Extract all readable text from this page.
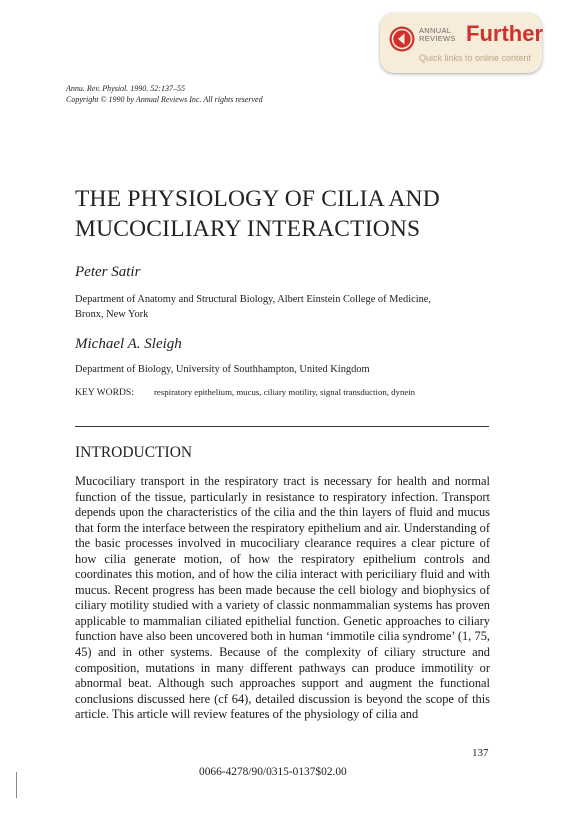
ANNUAL
REVIEWS Further
Quick links to online content
Annu. Rev. Physiol. 1990. 52:137–55
Copyright © 1990 by Annual Reviews Inc. All rights reserved
THE PHYSIOLOGY OF CILIA AND
MUCOCILIARY INTERACTIONS
Peter Satir
Department of Anatomy and Structural Biology, Albert Einstein College of Medicine,
Bronx, New York
Michael A. Sleigh
Department of Biology, University of Southhampton, United Kingdom
KEY WORDS: respiratory epithelium, mucus, ciliary motility, signal transduction, dynein
INTRODUCTION
Mucociliary transport in the respiratory tract is necessary for health and normal function of the tissue, particularly in resistance to respiratory infection. Transport depends upon the characteristics of the cilia and the thin layers of fluid and mucus that form the interface between the respiratory epithelium and air. Understanding of the basic processes involved in mucociliary clearance requires a clear picture of how cilia generate motion, of how the respiratory epithelium controls and coordinates this motion, and of how the cilia interact with periciliary fluid and with mucus. Recent progress has been made because the cell biology and biophysics of ciliary motility studied with a variety of classic nonmammalian systems has proven applicable to mammalian ciliated epithelial function. Genetic approaches to ciliary function have also been uncovered both in human ‘immotile cilia syndrome’ (1, 75, 45) and in other systems. Because of the complexity of ciliary structure and composition, mutations in many different pathways can produce immotility or abnormal beat. Although such approaches support and augment the functional conclusions discussed here (cf 64), detailed discussion is beyond the scope of this article. This article will review features of the physiology of cilia and
137
0066-4278/90/0315-0137$02.00
